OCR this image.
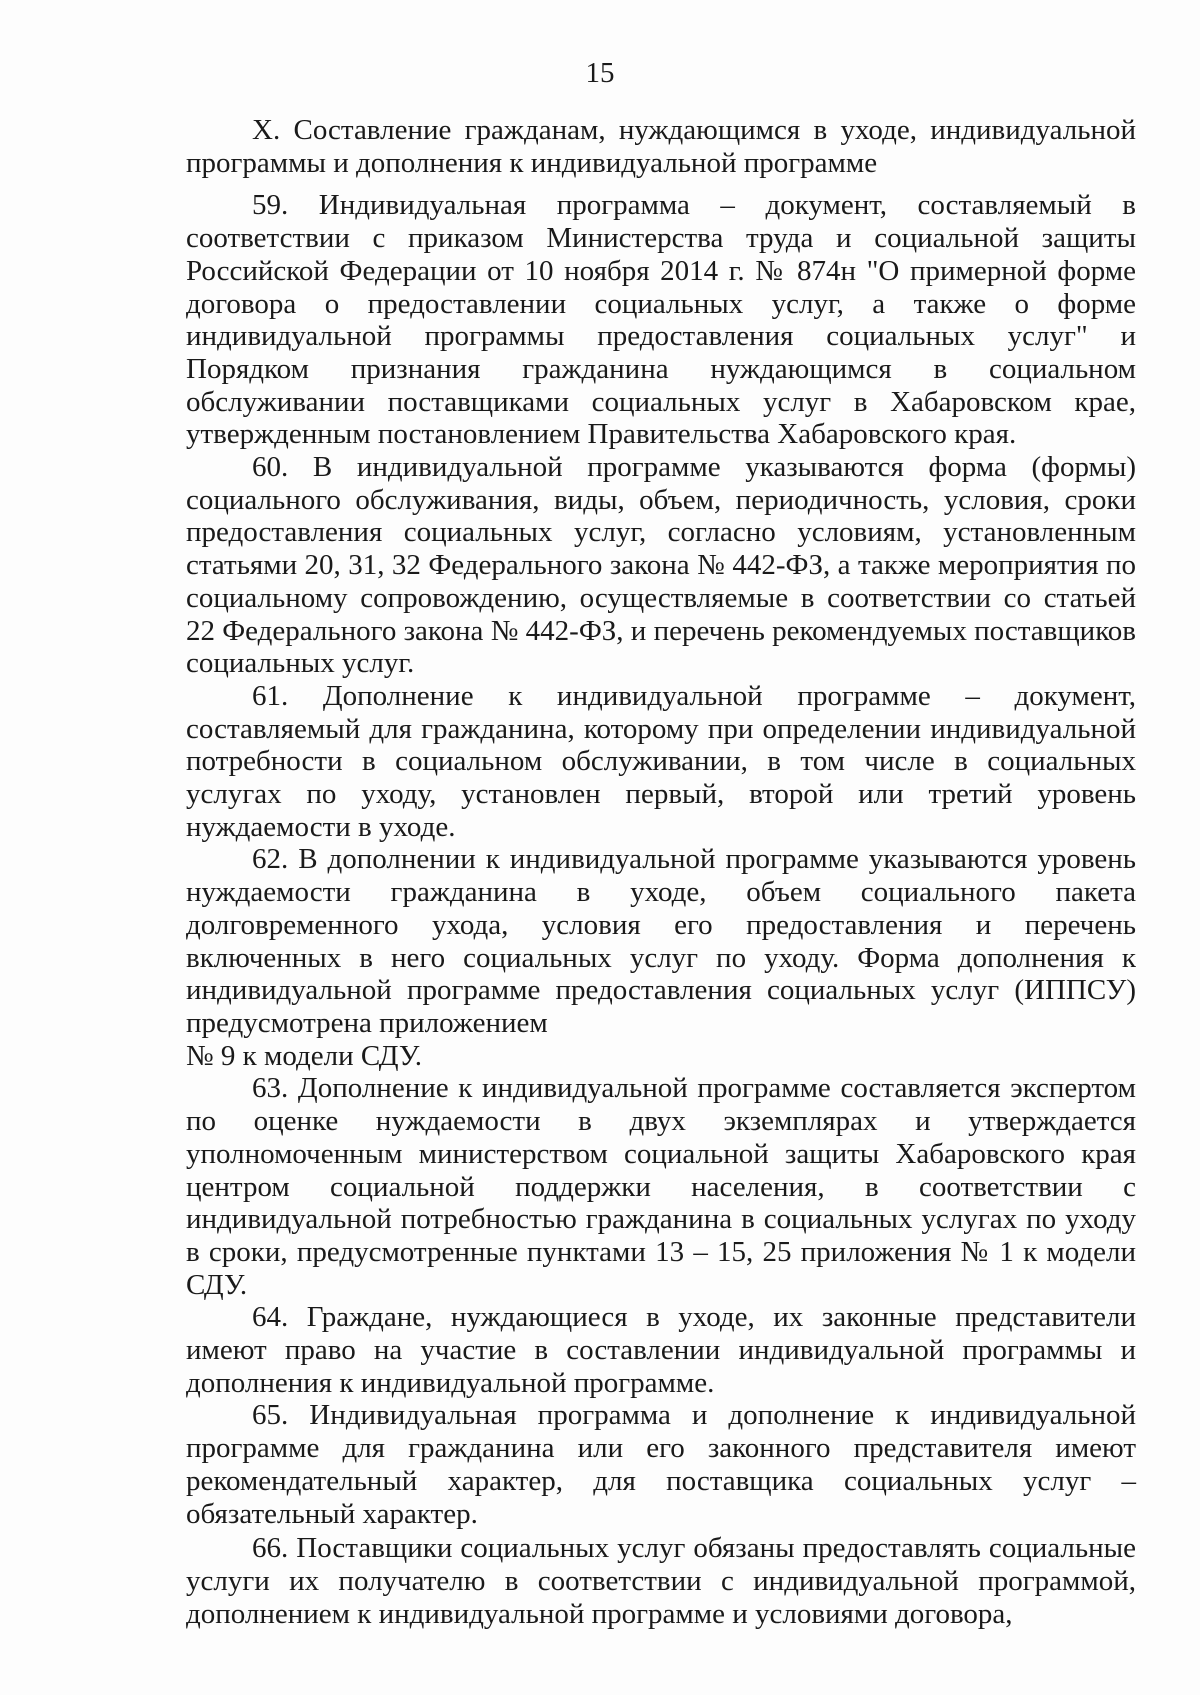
15

X. Составление гражданам, нуждающимся в уходе, индивидуальной программы и дополнения к индивидуальной программе

59. Индивидуальная программа – документ, составляемый в соответствии с приказом Министерства труда и социальной защиты Российской Федерации от 10 ноября 2014 г. № 874н "О примерной форме договора о предоставлении социальных услуг, а также о форме индивидуальной программы предоставления социальных услуг" и Порядком признания гражданина нуждающимся в социальном обслуживании поставщиками социальных услуг в Хабаровском крае, утвержденным постановлением Правительства Хабаровского края.

60. В индивидуальной программе указываются форма (формы) социального обслуживания, виды, объем, периодичность, условия, сроки предоставления социальных услуг, согласно условиям, установленным статьями 20, 31, 32 Федерального закона № 442-ФЗ, а также мероприятия по социальному сопровождению, осуществляемые в соответствии со статьей 22 Федерального закона № 442-ФЗ, и перечень рекомендуемых поставщиков социальных услуг.

61. Дополнение к индивидуальной программе – документ, составляемый для гражданина, которому при определении индивидуальной потребности в социальном обслуживании, в том числе в социальных услугах по уходу, установлен первый, второй или третий уровень нуждаемости в уходе.

62. В дополнении к индивидуальной программе указываются уровень нуждаемости гражданина в уходе, объем социального пакета долговременного ухода, условия его предоставления и перечень включенных в него социальных услуг по уходу. Форма дополнения к индивидуальной программе предоставления социальных услуг (ИППСУ) предусмотрена приложением
№ 9 к модели СДУ.

63. Дополнение к индивидуальной программе составляется экспертом по оценке нуждаемости в двух экземплярах и утверждается уполномоченным министерством социальной защиты Хабаровского края центром социальной поддержки населения, в соответствии с индивидуальной потребностью гражданина в социальных услугах по уходу в сроки, предусмотренные пунктами 13 – 15, 25 приложения № 1 к модели СДУ.

64. Граждане, нуждающиеся в уходе, их законные представители имеют право на участие в составлении индивидуальной программы и дополнения к индивидуальной программе.

65. Индивидуальная программа и дополнение к индивидуальной программе для гражданина или его законного представителя имеют рекомендательный характер, для поставщика социальных услуг – обязательный характер.

66. Поставщики социальных услуг обязаны предоставлять социальные услуги их получателю в соответствии с индивидуальной программой, дополнением к индивидуальной программе и условиями договора,
